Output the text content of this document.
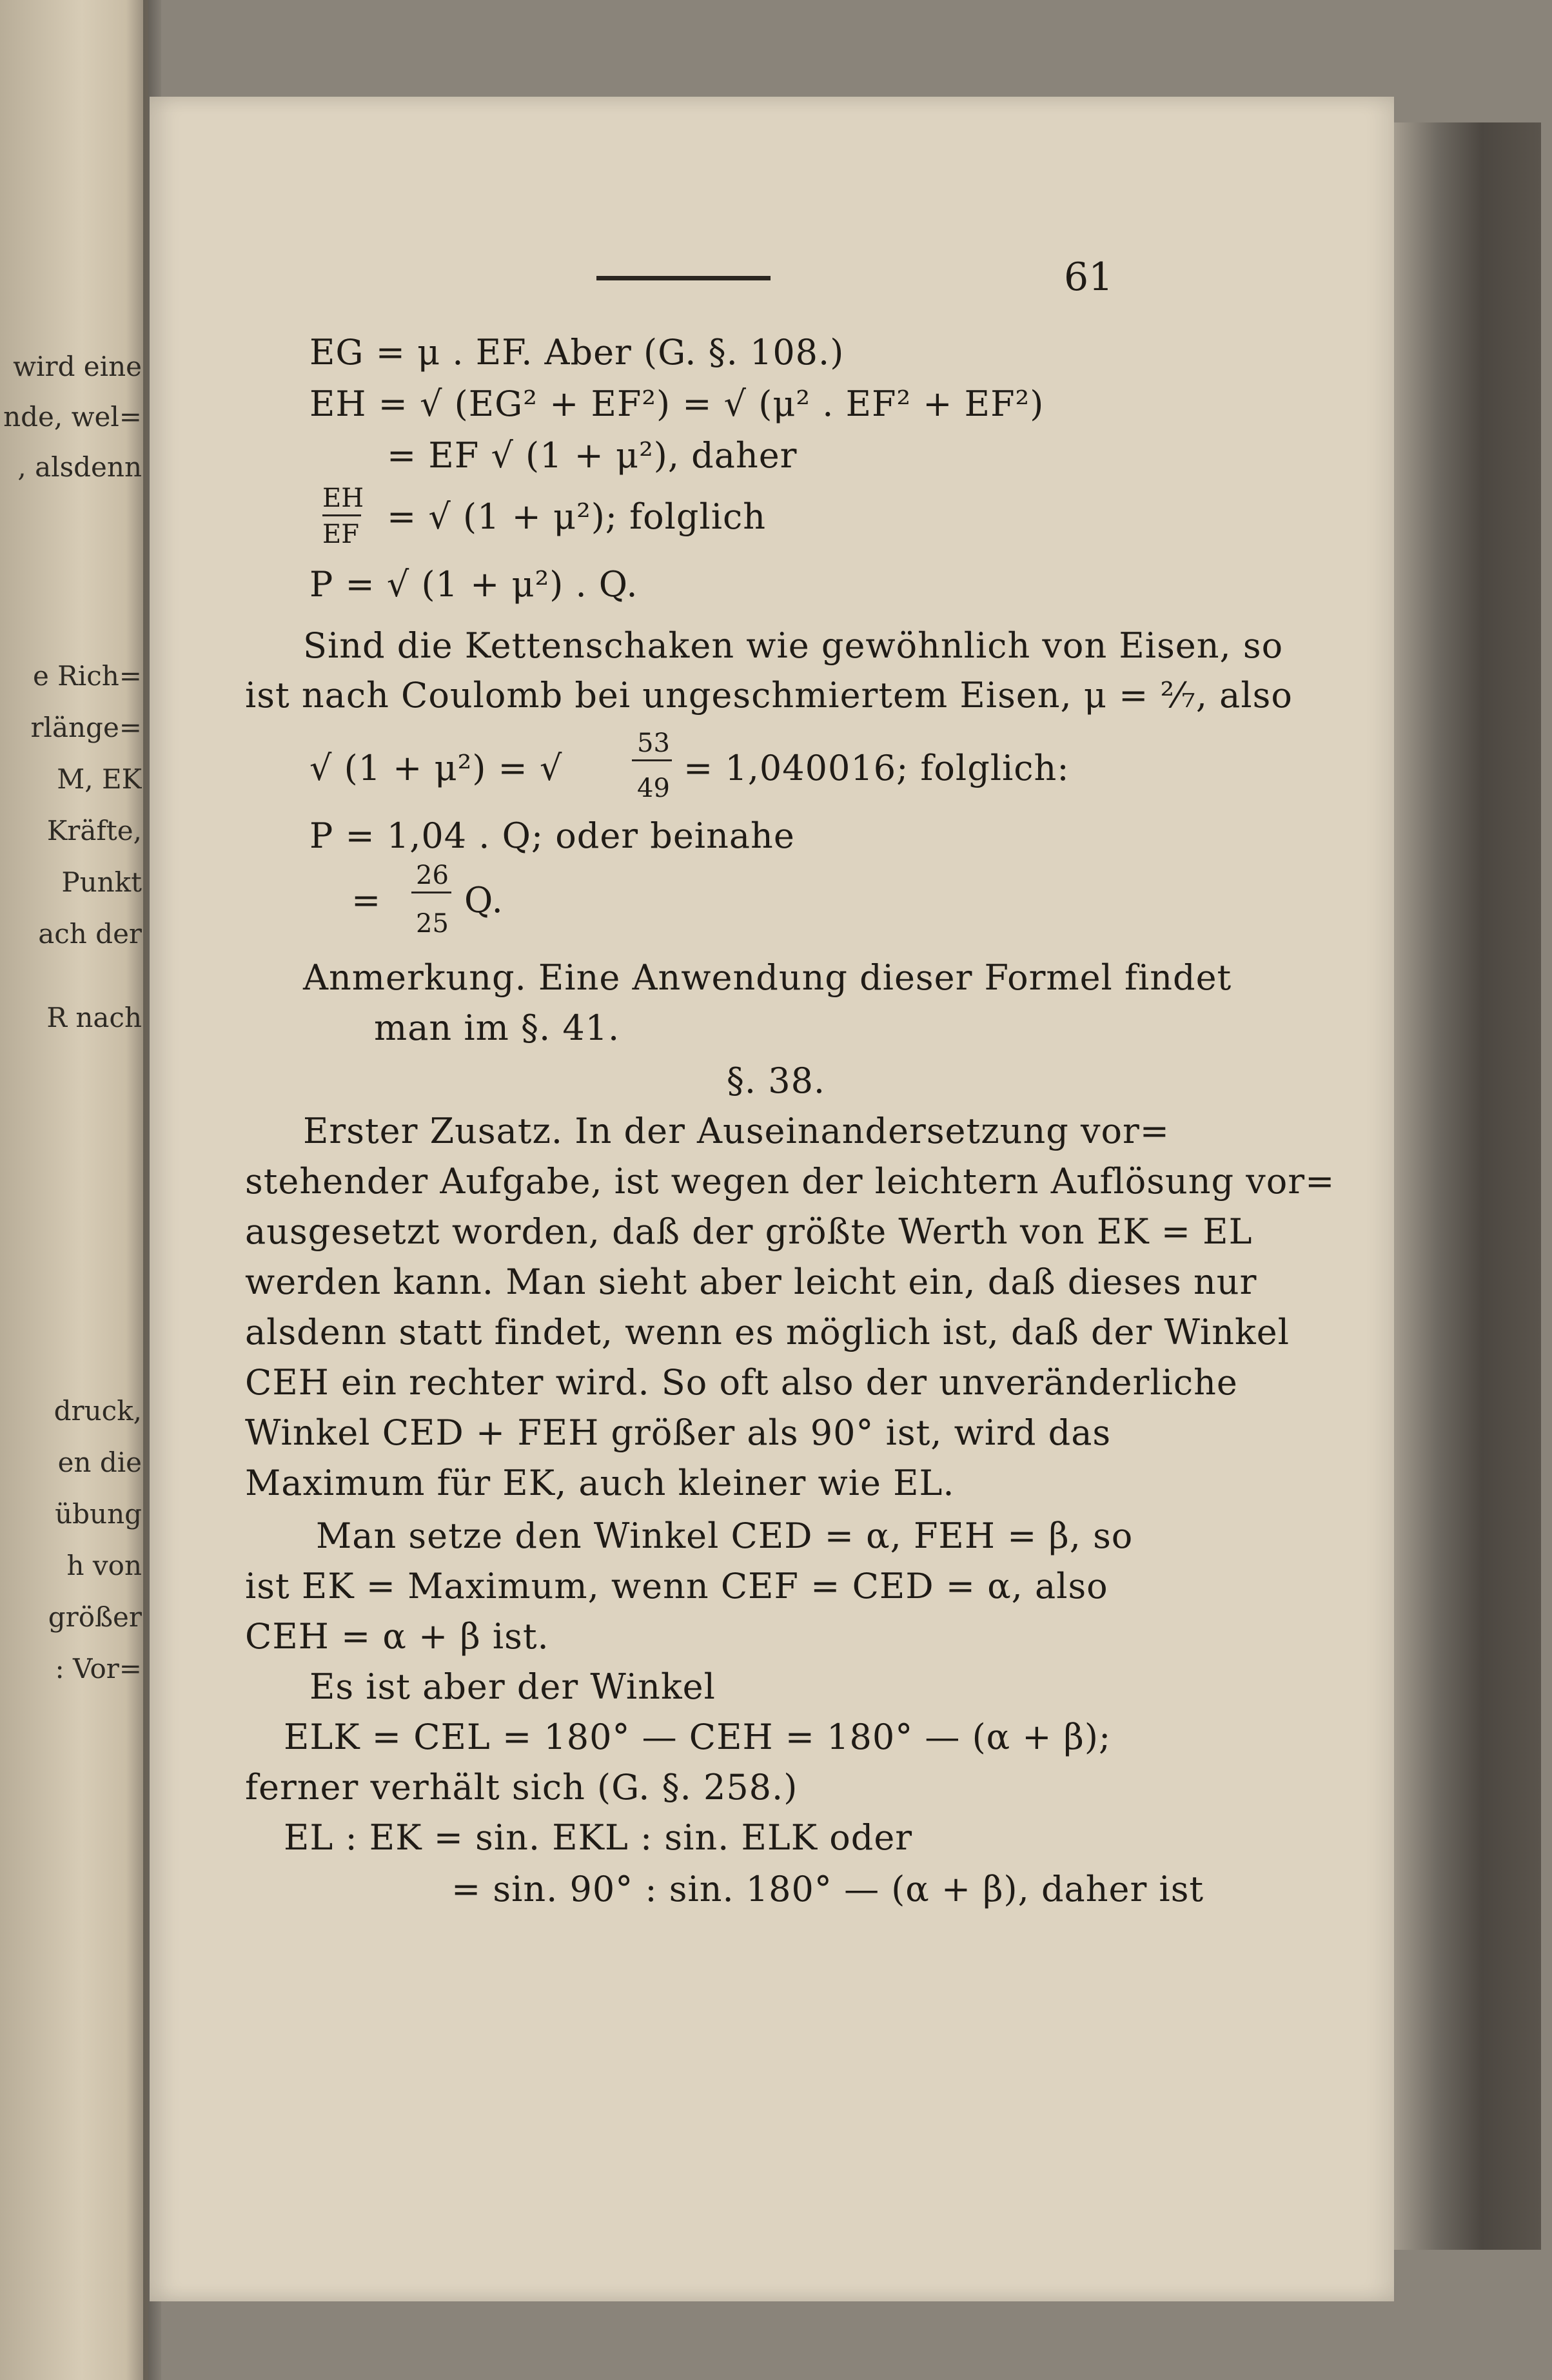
wird eine
nde, wel=
, alsdenn
e Rich=
rlänge=
M, EK
Kräfte,
Punkt
ach der
R nach
druck,
en die
übung
h von
größer
: Vor=
61
EG = μ . EF. Aber (G. §. 108.)
EH = √ (EG² + EF²) = √ (μ² . EF² + EF²)
= EF √ (1 + μ²), daher
EH
EF = √ (1 + μ²); folglich
P = √ (1 + μ²) . Q.
Sind die Kettenschaken wie gewöhnlich von Eisen, so
ist nach Coulomb bei ungeschmiertem Eisen, μ = ²⁄₇, also
√ (1 + μ²) = √
53
49 = 1,040016; folglich:
P = 1,04 . Q; oder beinahe
=
26
25
Q.
Anmerkung. Eine Anwendung dieser Formel findet
man im §. 41.
§. 38.
Erster Zusatz. In der Auseinandersetzung vor=
stehender Aufgabe, ist wegen der leichtern Auflösung vor=
ausgesetzt worden, daß der größte Werth von EK = EL
werden kann. Man sieht aber leicht ein, daß dieses nur
alsdenn statt findet, wenn es möglich ist, daß der Winkel
CEH ein rechter wird. So oft also der unveränderliche
Winkel CED + FEH größer als 90° ist, wird das
Maximum für EK, auch kleiner wie EL.
Man setze den Winkel CED = α, FEH = β, so
ist EK = Maximum, wenn CEF = CED = α, also
CEH = α + β ist.
Es ist aber der Winkel
ELK = CEL = 180° — CEH = 180° — (α + β);
ferner verhält sich (G. §. 258.)
EL : EK = sin. EKL : sin. ELK oder
= sin. 90° : sin. 180° — (α + β), daher ist
